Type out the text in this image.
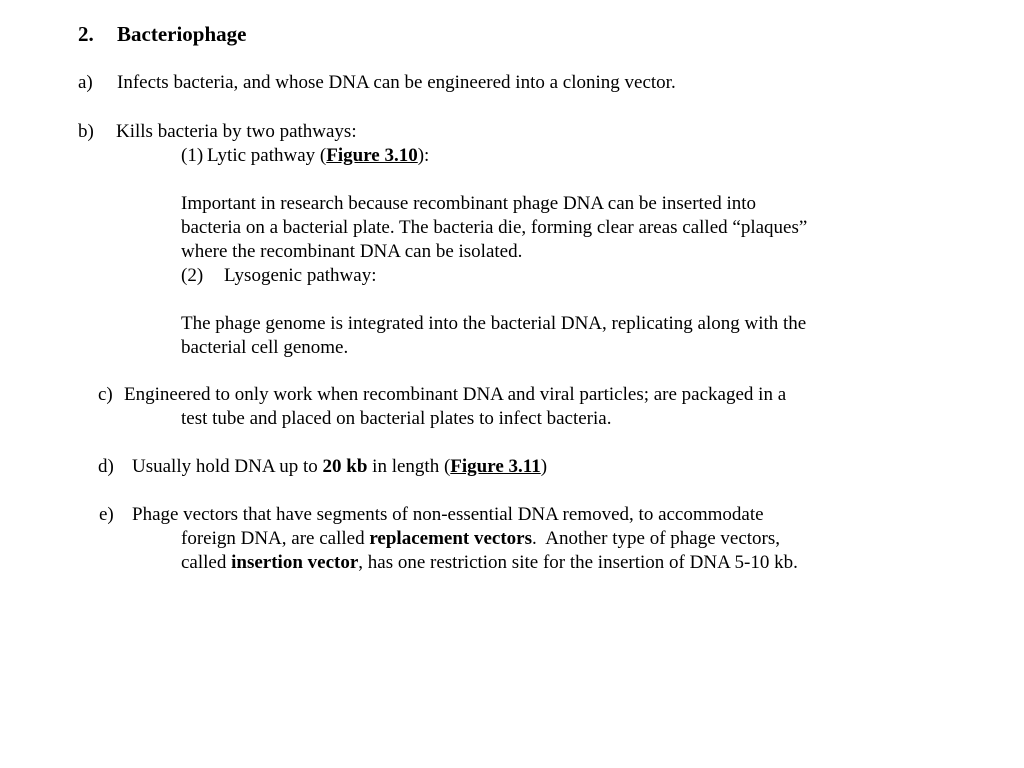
2. Bacteriophage
a) Infects bacteria, and whose DNA can be engineered into a cloning vector.
b) Kills bacteria by two pathways:
(1) Lytic pathway (Figure 3.10):
Important in research because recombinant phage DNA can be inserted into
bacteria on a bacterial plate. The bacteria die, forming clear areas called “plaques”
where the recombinant DNA can be isolated.
(2) Lysogenic pathway:
The phage genome is integrated into the bacterial DNA, replicating along with the
bacterial cell genome.
c) Engineered to only work when recombinant DNA and viral particles; are packaged in a
test tube and placed on bacterial plates to infect bacteria.
d) Usually hold DNA up to 20 kb in length (Figure 3.11)
e) Phage vectors that have segments of non-essential DNA removed, to accommodate
foreign DNA, are called replacement vectors.  Another type of phage vectors,
called insertion vector, has one restriction site for the insertion of DNA 5-10 kb.
